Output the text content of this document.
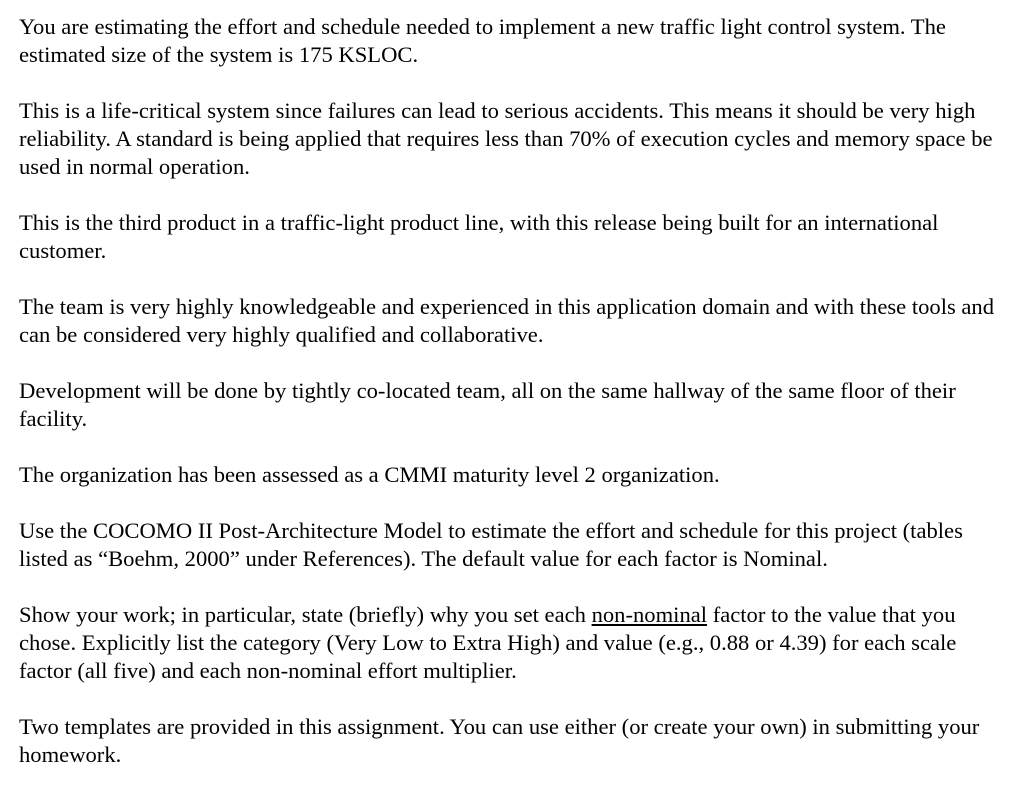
You are estimating the effort and schedule needed to implement a new traffic light control system. The estimated size of the system is 175 KSLOC.

This is a life-critical system since failures can lead to serious accidents. This means it should be very high reliability. A standard is being applied that requires less than 70% of execution cycles and memory space be used in normal operation.

This is the third product in a traffic-light product line, with this release being built for an international customer.

The team is very highly knowledgeable and experienced in this application domain and with these tools and can be considered very highly qualified and collaborative.

Development will be done by tightly co-located team, all on the same hallway of the same floor of their facility.

The organization has been assessed as a CMMI maturity level 2 organization.

Use the COCOMO II Post-Architecture Model to estimate the effort and schedule for this project (tables listed as “Boehm, 2000” under References). The default value for each factor is Nominal.

Show your work; in particular, state (briefly) why you set each non-nominal factor to the value that you chose. Explicitly list the category (Very Low to Extra High) and value (e.g., 0.88 or 4.39) for each scale factor (all five) and each non-nominal effort multiplier.

Two templates are provided in this assignment. You can use either (or create your own) in submitting your homework.
